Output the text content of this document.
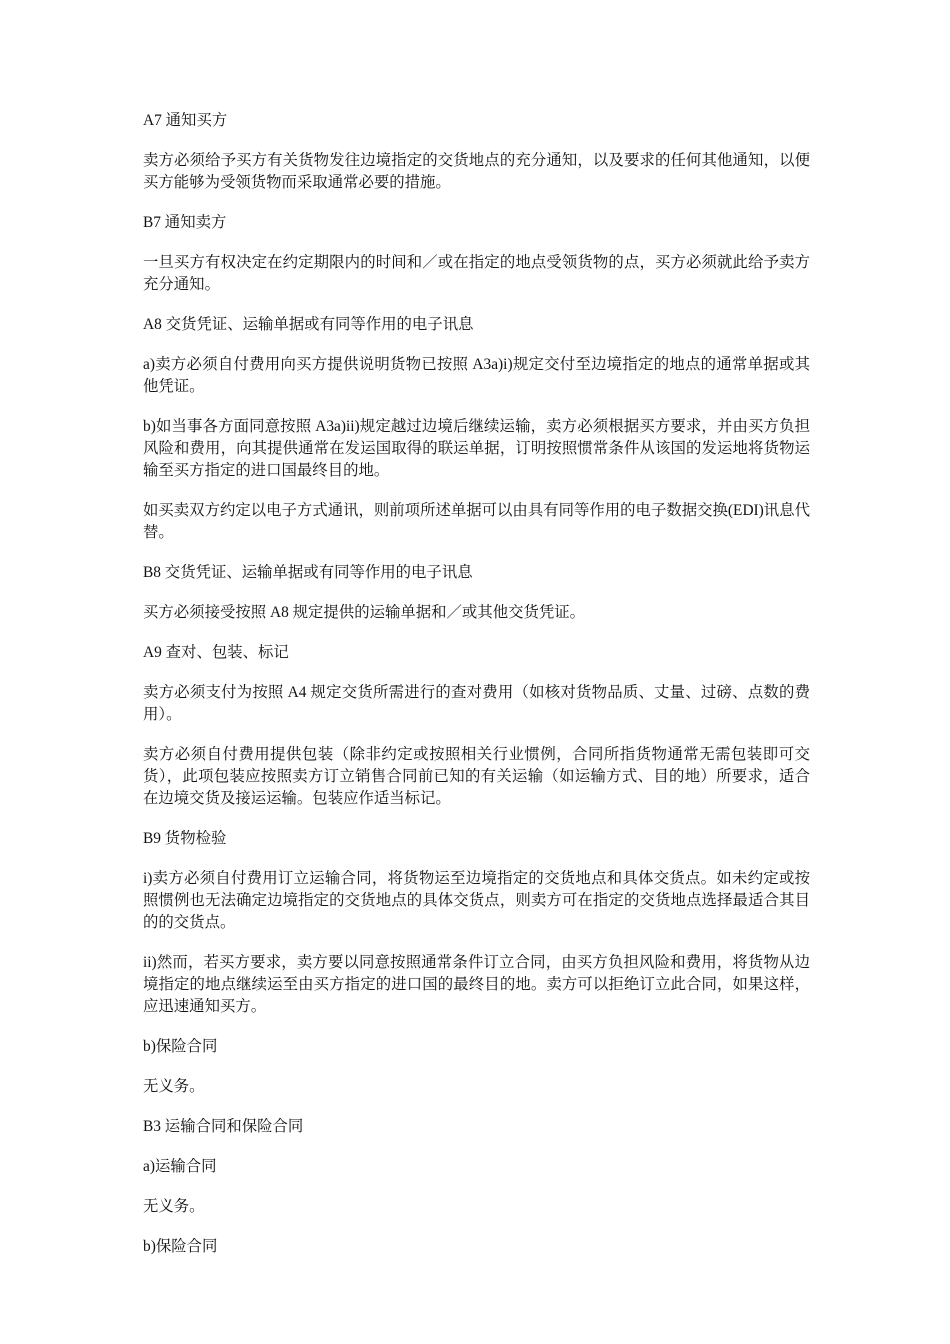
A7 通知买方

卖方必须给予买方有关货物发往边境指定的交货地点的充分通知，以及要求的任何其他通知，以便买方能够为受领货物而采取通常必要的措施。

B7 通知卖方

一旦买方有权决定在约定期限内的时间和／或在指定的地点受领货物的点，买方必须就此给予卖方充分通知。

A8 交货凭证、运输单据或有同等作用的电子讯息

a)卖方必须自付费用向买方提供说明货物已按照 A3a)i)规定交付至边境指定的地点的通常单据或其他凭证。

b)如当事各方面同意按照 A3a)ii)规定越过边境后继续运输，卖方必须根据买方要求，并由买方负担风险和费用，向其提供通常在发运国取得的联运单据，订明按照惯常条件从该国的发运地将货物运输至买方指定的进口国最终目的地。

如买卖双方约定以电子方式通讯，则前项所述单据可以由具有同等作用的电子数据交换(EDI)讯息代替。

B8 交货凭证、运输单据或有同等作用的电子讯息

买方必须接受按照 A8 规定提供的运输单据和／或其他交货凭证。

A9 查对、包装、标记

卖方必须支付为按照 A4 规定交货所需进行的查对费用（如核对货物品质、丈量、过磅、点数的费用）。

卖方必须自付费用提供包装（除非约定或按照相关行业惯例，合同所指货物通常无需包装即可交货），此项包装应按照卖方订立销售合同前已知的有关运输（如运输方式、目的地）所要求，适合在边境交货及接运运输。包装应作适当标记。

B9 货物检验

i)卖方必须自付费用订立运输合同，将货物运至边境指定的交货地点和具体交货点。如未约定或按照惯例也无法确定边境指定的交货地点的具体交货点，则卖方可在指定的交货地点选择最适合其目的的交货点。

ii)然而，若买方要求，卖方要以同意按照通常条件订立合同，由买方负担风险和费用，将货物从边境指定的地点继续运至由买方指定的进口国的最终目的地。卖方可以拒绝订立此合同，如果这样，应迅速通知买方。

b)保险合同

无义务。

B3 运输合同和保险合同

a)运输合同

无义务。

b)保险合同
